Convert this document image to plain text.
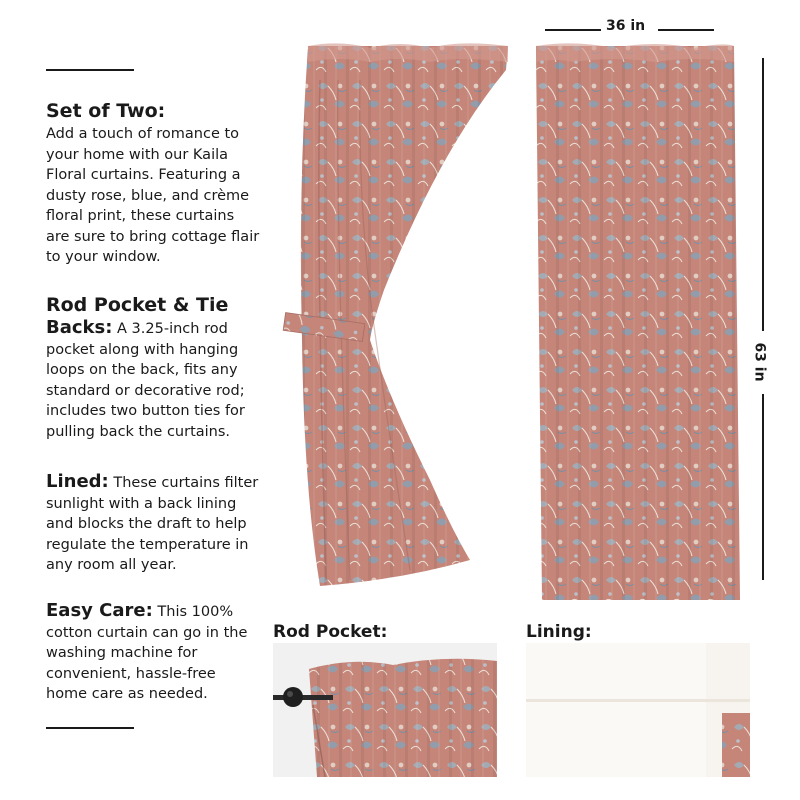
Set of Two:

Add a touch of romance to your home with our Kaila Floral curtains. Featuring a dusty rose, blue, and crème floral print, these curtains are sure to bring cottage flair to your window.

Rod Pocket & Tie

Backs: A 3.25-inch rod pocket along with hanging loops on the back, fits any standard or decorative rod; includes two button ties for pulling back the curtains.

Lined: These curtains filter sunlight with a back lining and blocks the draft to help regulate the temperature in any room all year.

Easy Care: This 100% cotton curtain can go in the washing machine for convenient, hassle-free home care as needed.

36 in
63 in
Rod Pocket:	Lining:
